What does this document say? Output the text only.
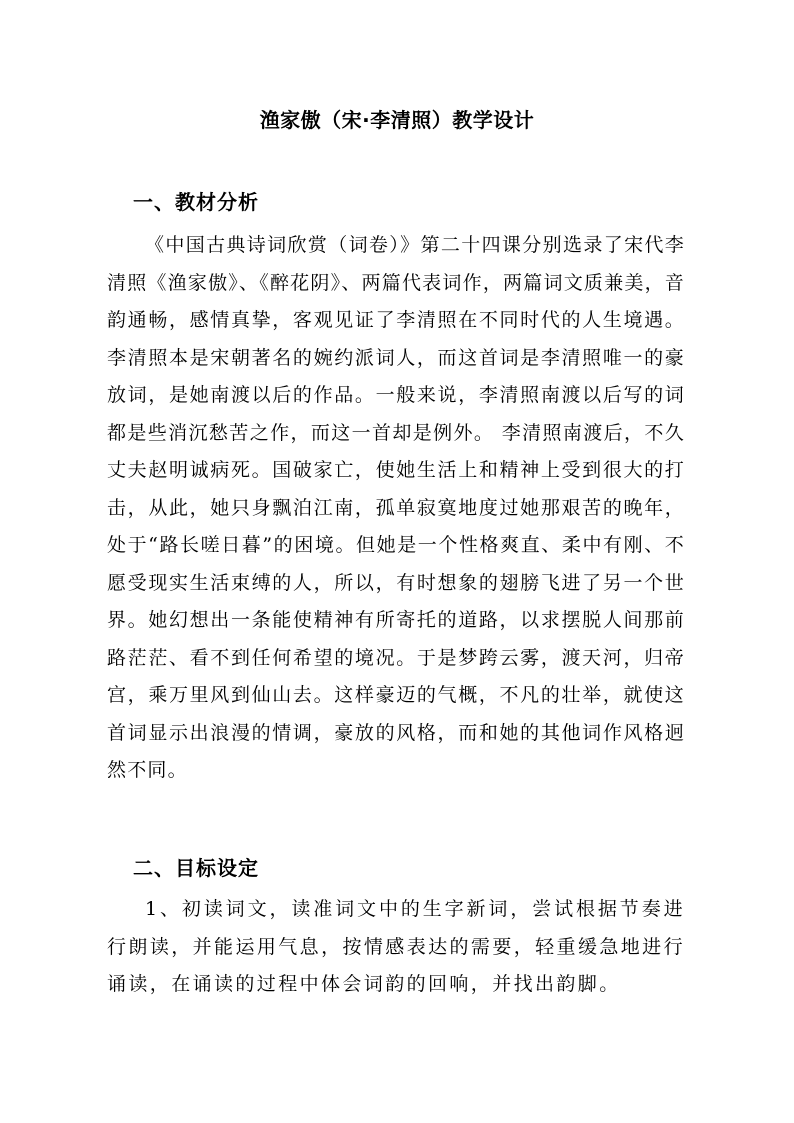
渔家傲（宋·李清照）教学设计
一、教材分析

《中国古典诗词欣赏（词卷）》第二十四课分别选录了宋代李清照《渔家傲》、《醉花阴》、两篇代表词作，两篇词文质兼美，音韵通畅，感情真挚，客观见证了李清照在不同时代的人生境遇。李清照本是宋朝著名的婉约派词人，而这首词是李清照唯一的豪放词，是她南渡以后的作品。一般来说，李清照南渡以后写的词都是些消沉愁苦之作，而这一首却是例外。 李清照南渡后，不久丈夫赵明诚病死。国破家亡，使她生活上和精神上受到很大的打击，从此，她只身飘泊江南，孤单寂寞地度过她那艰苦的晚年，处于“路长嗟日暮”的困境。但她是一个性格爽直、柔中有刚、不愿受现实生活束缚的人，所以，有时想象的翅膀飞进了另一个世界。她幻想出一条能使精神有所寄托的道路，以求摆脱人间那前路茫茫、看不到任何希望的境况。于是梦跨云雾，渡天河，归帝宫，乘万里风到仙山去。这样豪迈的气概，不凡的壮举，就使这首词显示出浪漫的情调，豪放的风格，而和她的其他词作风格迥然不同。

二、目标设定

1、初读词文，读准词文中的生字新词，尝试根据节奏进行朗读，并能运用气息，按情感表达的需要，轻重缓急地进行诵读，在诵读的过程中体会词韵的回响，并找出韵脚。
